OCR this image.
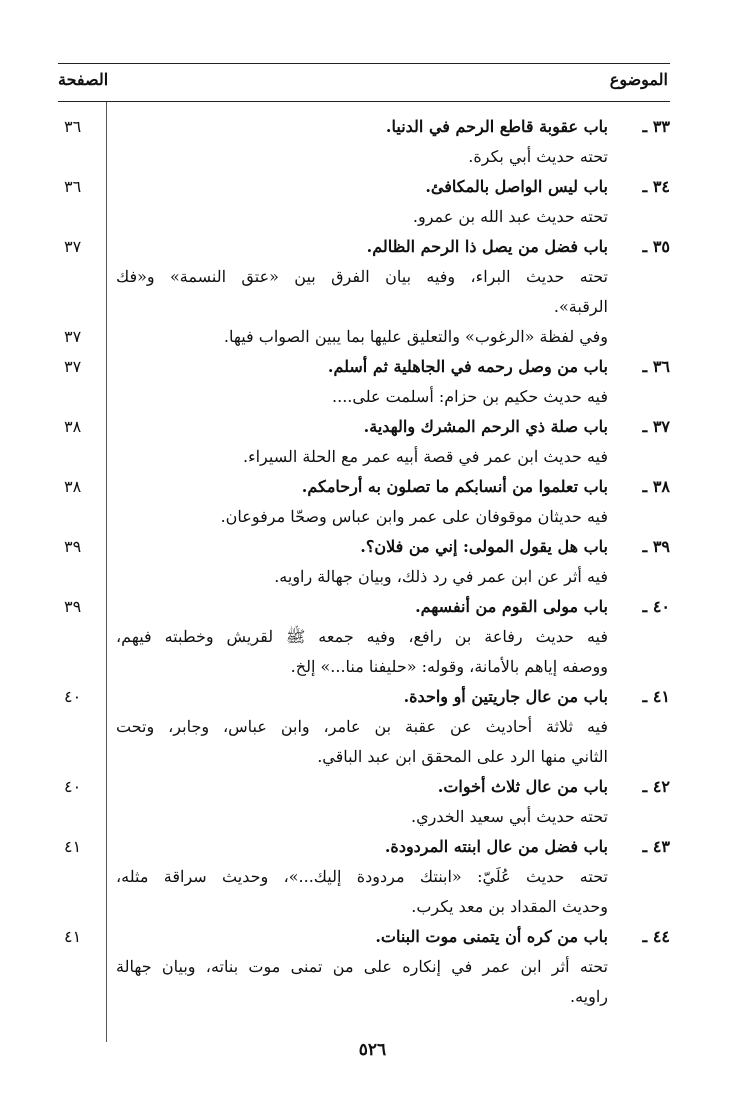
الموضوع
الصفحة
٣٣ ـ
باب عقوبة قاطع الرحم في الدنيا.
٣٦
تحته حديث أبي بكرة.
٣٤ ـ
باب ليس الواصل بالمكافئ.
٣٦
تحته حديث عبد الله بن عمرو.
٣٥ ـ
باب فضل من يصل ذا الرحم الظالم.
٣٧
تحته حديث البراء، وفيه بيان الفرق بين «عتق النسمة» و«فك
الرقبة».
وفي لفظة «الرغوب» والتعليق عليها بما يبين الصواب فيها.
٣٧
٣٦ ـ
باب من وصل رحمه في الجاهلية ثم أسلم.
٣٧
فيه حديث حكيم بن حزام: أسلمت على....
٣٧ ـ
باب صلة ذي الرحم المشرك والهدية.
٣٨
فيه حديث ابن عمر في قصة أبيه عمر مع الحلة السيراء.
٣٨ ـ
باب تعلموا من أنسابكم ما تصلون به أرحامكم.
٣٨
فيه حديثان موقوفان على عمر وابن عباس وصحّا مرفوعان.
٣٩ ـ
باب هل يقول المولى: إني من فلان؟.
٣٩
فيه أثر عن ابن عمر في رد ذلك، وبيان جهالة راويه.
٤٠ ـ
باب مولى القوم من أنفسهم.
٣٩
فيه حديث رفاعة بن رافع، وفيه جمعه ﷺ لقريش وخطبته فيهم،
ووصفه إياهم بالأمانة، وقوله: «حليفنا منا...» إلخ.
٤١ ـ
باب من عال جاريتين أو واحدة.
٤٠
فيه ثلاثة أحاديث عن عقبة بن عامر، وابن عباس، وجابر، وتحت
الثاني منها الرد على المحقق ابن عبد الباقي.
٤٢ ـ
باب من عال ثلاث أخوات.
٤٠
تحته حديث أبي سعيد الخدري.
٤٣ ـ
باب فضل من عال ابنته المردودة.
٤١
تحته حديث عُلَيّ: «ابنتك مردودة إليك...»، وحديث سراقة مثله،
وحديث المقداد بن معد يكرب.
٤٤ ـ
باب من كره أن يتمنى موت البنات.
٤١
تحته أثر ابن عمر في إنكاره على من تمنى موت بناته، وبيان جهالة
راويه.
٥٢٦
